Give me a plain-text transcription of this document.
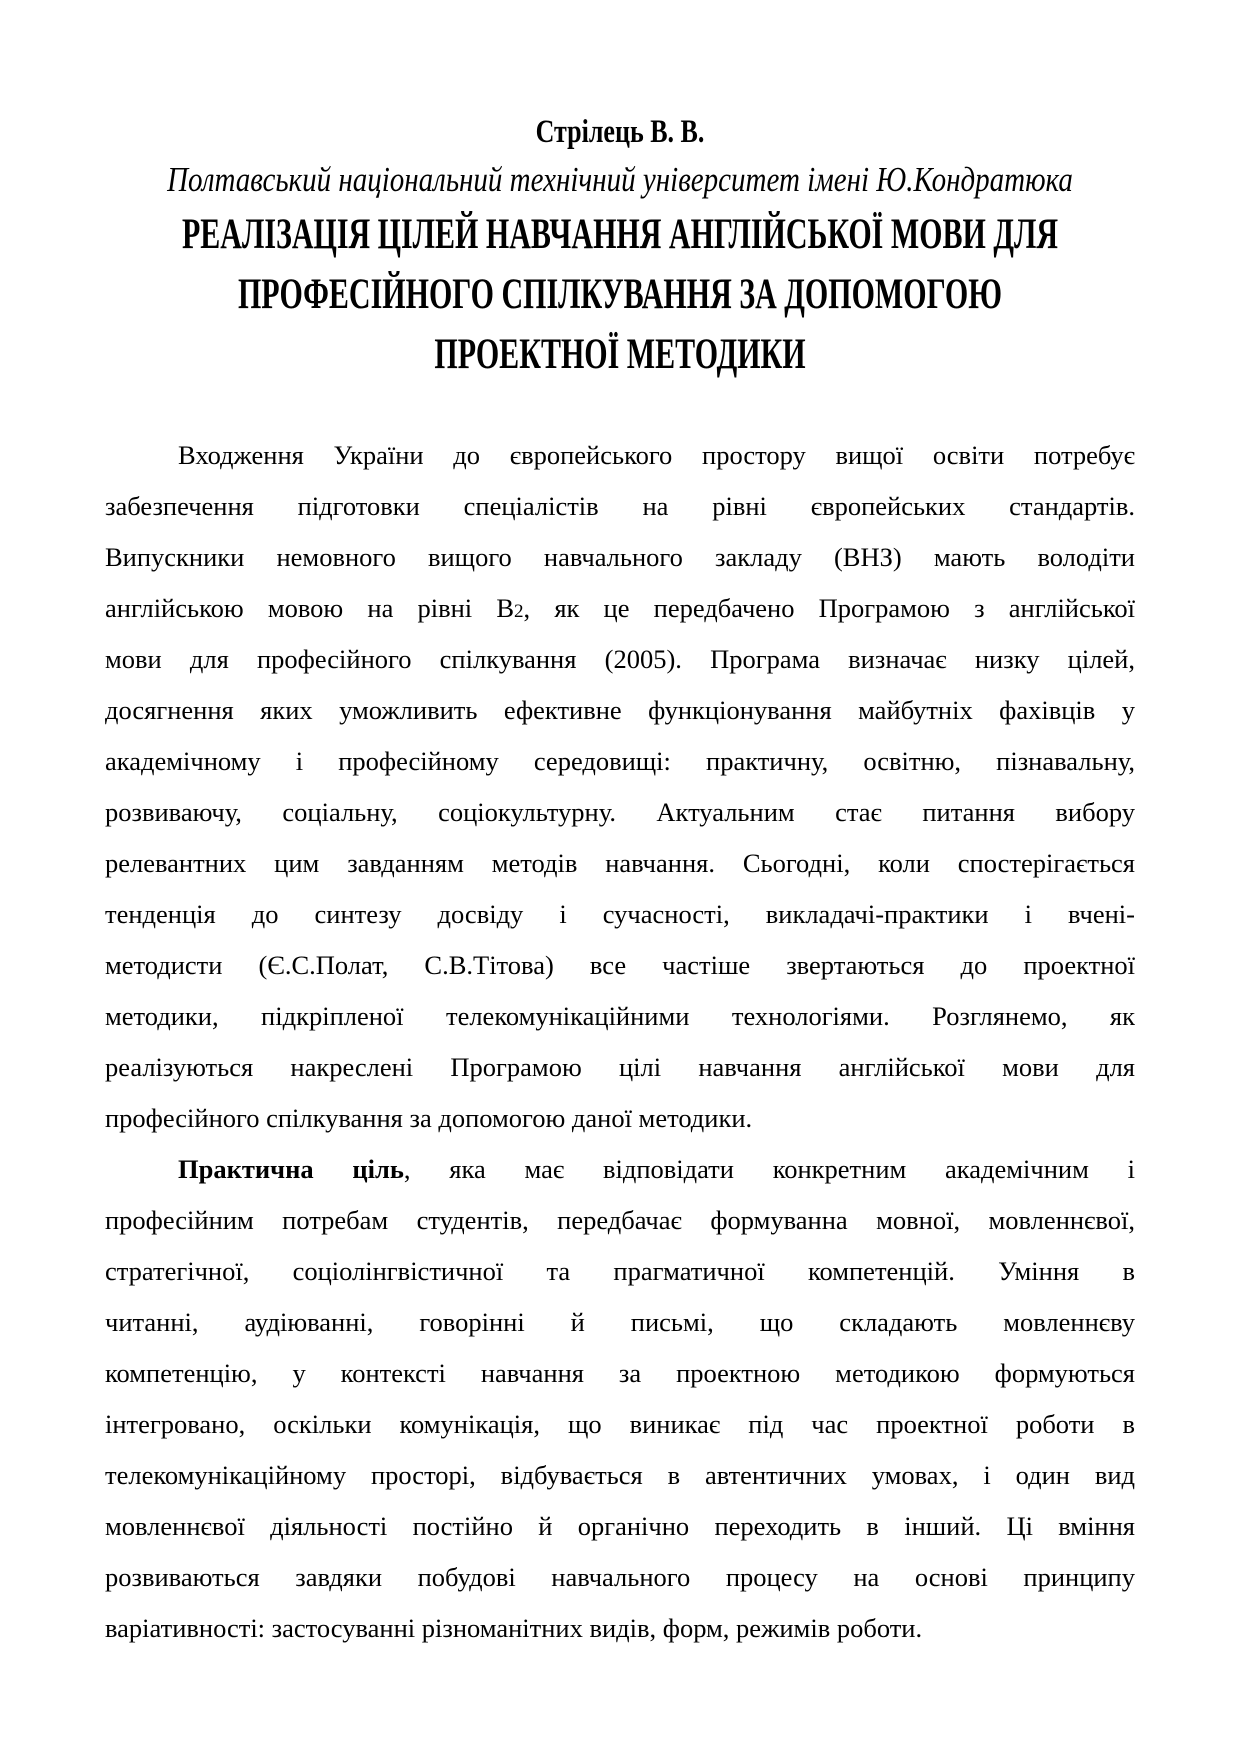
Стрілець В. В.
Полтавський національний технічний університет імені Ю.Кондратюка
РЕАЛІЗАЦІЯ ЦІЛЕЙ НАВЧАННЯ АНГЛІЙСЬКОЇ МОВИ ДЛЯ
ПРОФЕСІЙНОГО СПІЛКУВАННЯ ЗА ДОПОМОГОЮ
ПРОЕКТНОЇ МЕТОДИКИ
Входження України до європейського простору вищої освіти потребує
забезпечення підготовки спеціалістів на рівні європейських стандартів.
Випускники немовного вищого навчального закладу (ВНЗ) мають володіти
англійською мовою на рівні В2, як це передбачено Програмою з англійської
мови для професійного спілкування (2005). Програма визначає низку цілей,
досягнення яких уможливить ефективне функціонування майбутніх фахівців у
академічному і професійному середовищі: практичну, освітню, пізнавальну,
розвиваючу, соціальну, соціокультурну. Актуальним стає питання вибору
релевантних цим завданням методів навчання. Сьогодні, коли спостерігається
тенденція до синтезу досвіду і сучасності, викладачі-практики і вчені-
методисти (Є.С.Полат, С.В.Тітова) все частіше звертаються до проектної
методики, підкріпленої телекомунікаційними технологіями. Розглянемо, як
реалізуються накреслені Програмою цілі навчання англійської мови для
професійного спілкування за допомогою даної методики.
Практична ціль, яка має відповідати конкретним академічним і
професійним потребам студентів, передбачає формуванна мовної, мовленнєвої,
стратегічної, соціолінгвістичної та прагматичної компетенцій. Уміння в
читанні, аудіюванні, говорінні й письмі, що складають мовленнєву
компетенцію, у контексті навчання за проектною методикою формуються
інтегровано, оскільки комунікація, що виникає під час проектної роботи в
телекомунікаційному просторі, відбувається в автентичних умовах, і один вид
мовленнєвої діяльності постійно й органічно переходить в інший. Ці вміння
розвиваються завдяки побудові навчального процесу на основі принципу
варіативності: застосуванні різноманітних видів, форм, режимів роботи.
